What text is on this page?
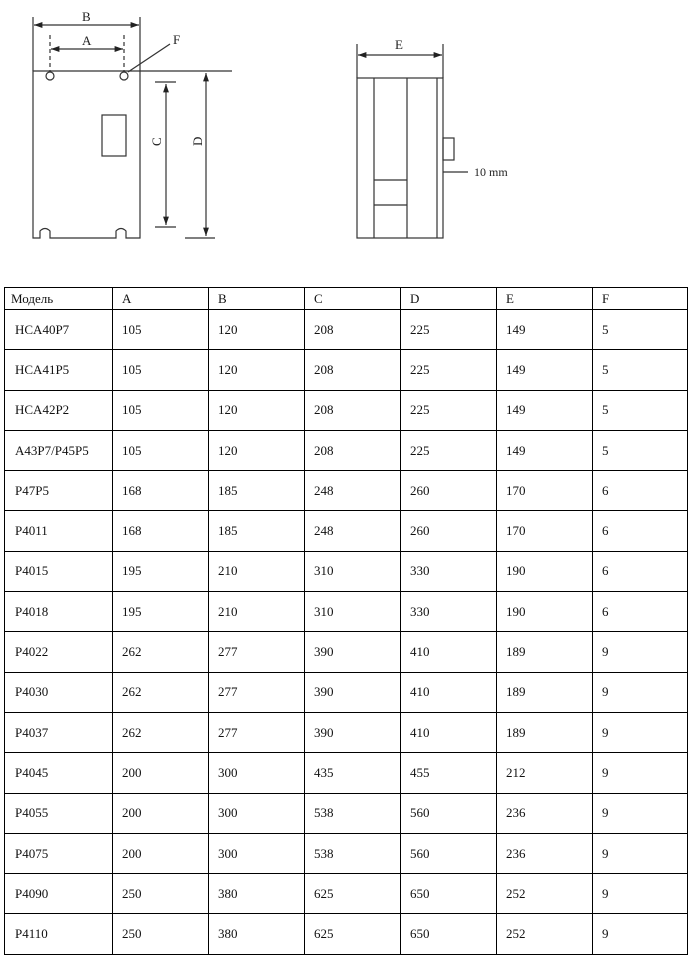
B
A	F
C D
E
10 mm
Модель	A	B	C	D	E	F
HCA40P7	105	120	208	225	149	5
HCA41P5	105	120	208	225	149	5
HCA42P2	105	120	208	225	149	5
A43P7/P45P5	105	120	208	225	149	5
P47P5	168	185	248	260	170	6
P4011	168	185	248	260	170	6
P4015	195	210	310	330	190	6
P4018	195	210	310	330	190	6
P4022	262	277	390	410	189	9
P4030	262	277	390	410	189	9
P4037	262	277	390	410	189	9
P4045	200	300	435	455	212	9
P4055	200	300	538	560	236	9
P4075	200	300	538	560	236	9
P4090	250	380	625	650	252	9
P4110	250	380	625	650	252	9
